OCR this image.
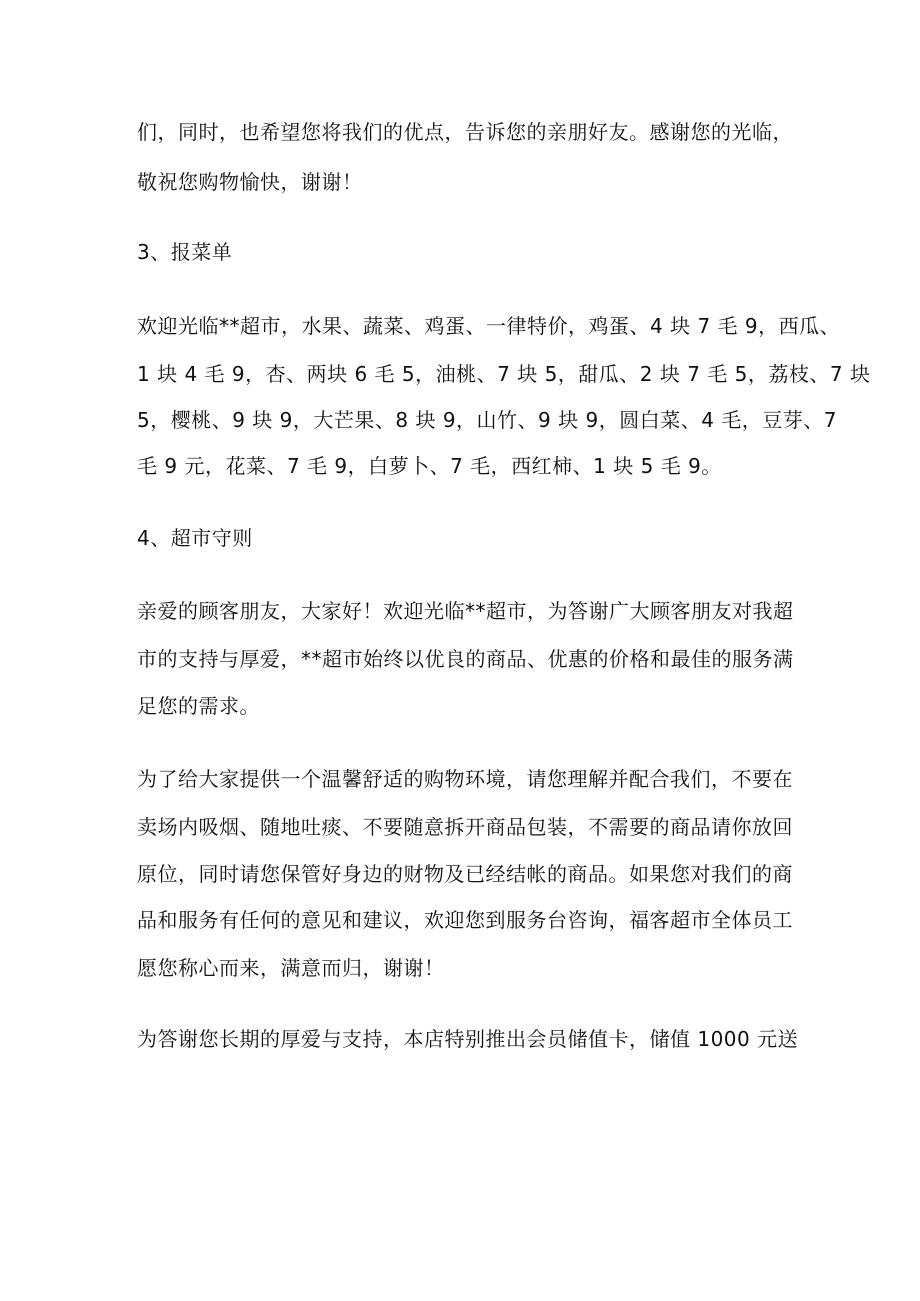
们，同时，也希望您将我们的优点，告诉您的亲朋好友。感谢您的光临，
敬祝您购物愉快，谢谢！
3、报菜单
欢迎光临**超市，水果、蔬菜、鸡蛋、一律特价，鸡蛋、4 块 7 毛 9，西瓜、
1 块 4 毛 9，杏、两块 6 毛 5，油桃、7 块 5，甜瓜、2 块 7 毛 5，荔枝、7 块
5，樱桃、9 块 9，大芒果、8 块 9，山竹、9 块 9，圆白菜、4 毛，豆芽、7
毛 9 元，花菜、7 毛 9，白萝卜、7 毛，西红柿、1 块 5 毛 9。
4、超市守则
亲爱的顾客朋友，大家好！欢迎光临**超市，为答谢广大顾客朋友对我超
市的支持与厚爱，**超市始终以优良的商品、优惠的价格和最佳的服务满
足您的需求。
为了给大家提供一个温馨舒适的购物环境，请您理解并配合我们，不要在
卖场内吸烟、随地吐痰、不要随意拆开商品包装，不需要的商品请你放回
原位，同时请您保管好身边的财物及已经结帐的商品。如果您对我们的商
品和服务有任何的意见和建议，欢迎您到服务台咨询，福客超市全体员工
愿您称心而来，满意而归，谢谢！
为答谢您长期的厚爱与支持，本店特别推出会员储值卡，储值 1000 元送
